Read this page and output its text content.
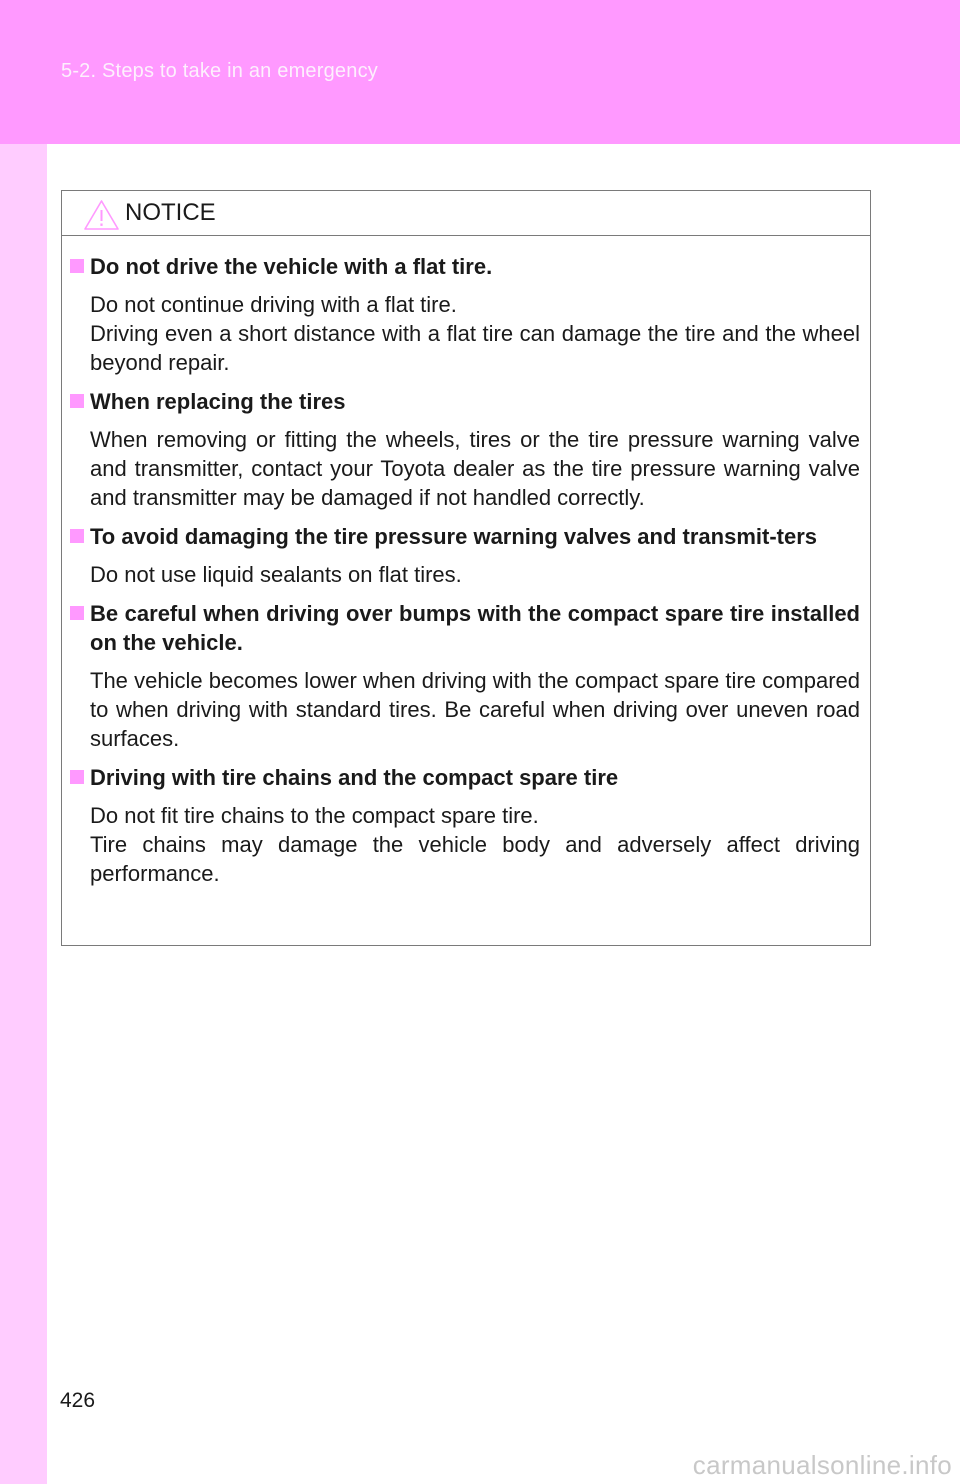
5-2. Steps to take in an emergency
NOTICE
Do not drive the vehicle with a flat tire.

Do not continue driving with a flat tire.

Driving even a short distance with a flat tire can damage the tire and the wheel beyond repair.

When replacing the tires

When removing or fitting the wheels, tires or the tire pressure warning valve and transmitter, contact your Toyota dealer as the tire pressure warning valve and transmitter may be damaged if not handled correctly.

To avoid damaging the tire pressure warning valves and transmit-ters

Do not use liquid sealants on flat tires.

Be careful when driving over bumps with the compact spare tire installed on the vehicle.

The vehicle becomes lower when driving with the compact spare tire compared to when driving with standard tires. Be careful when driving over uneven road surfaces.

Driving with tire chains and the compact spare tire

Do not fit tire chains to the compact spare tire.

Tire chains may damage the vehicle body and adversely affect driving performance.

426
carmanualsonline.info
